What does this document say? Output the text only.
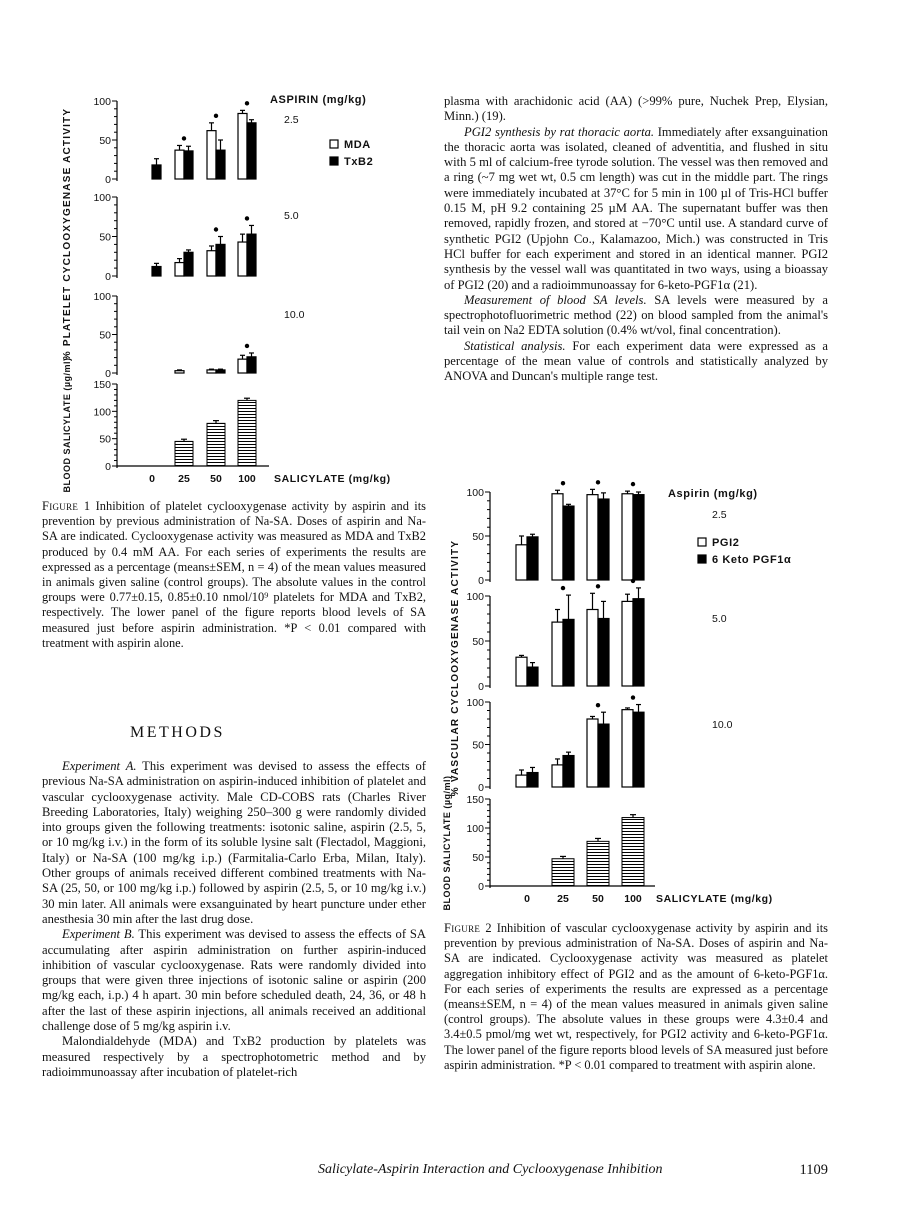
100
50
0
2.5
100
50
0
5.0
100
50
0
10.0
150
100
50
0
0 25 50 100 SALICYLATE (mg/kg)
% PLATELET CYCLOOXYGENASE ACTIVITY
BLOOD SALICYLATE (µg/ml)
ASPIRIN (mg/kg)
MDA
TxB2
100
50
0
2.5
100
50
0
5.0
100
50
0
10.0
150
100
50
0
0	25 50 100 SALICYLATE (mg/kg)
% VASCULAR CYCLOOXYGENASE ACTIVITY
BLOOD SALICYLATE (µg/ml)
Aspirin (mg/kg)
PGI2
6 Keto PGF1α
Figure 1 Inhibition of platelet cyclooxygenase activity by aspirin and its prevention by previous administration of Na-SA. Doses of aspirin and Na-SA are indicated. Cyclooxygenase activity was measured as MDA and TxB2 produced by 0.4 mM AA. For each series of experiments the results are expressed as a percentage (means±SEM, n = 4) of the mean values measured in animals given saline (control groups). The absolute values in the control groups were 0.77±0.15, 0.85±0.10 nmol/10⁹ platelets for MDA and TxB2, respectively. The lower panel of the figure reports blood levels of SA measured just before aspirin administration. *P < 0.01 compared with treatment with aspirin alone.
METHODS

Experiment A. This experiment was devised to assess the effects of previous Na-SA administration on aspirin-induced inhibition of platelet and vascular cyclooxygenase activity. Male CD-COBS rats (Charles River Breeding Laboratories, Italy) weighing 250–300 g were randomly divided into groups given the following treatments: isotonic saline, aspirin (2.5, 5, or 10 mg/kg i.v.) in the form of its soluble lysine salt (Flectadol, Maggioni, Italy) or Na-SA (100 mg/kg i.p.) (Farmitalia-Carlo Erba, Milan, Italy). Other groups of animals received different combined treatments with Na-SA (25, 50, or 100 mg/kg i.p.) followed by aspirin (2.5, 5, or 10 mg/kg i.v.) 30 min later. All animals were exsanguinated by heart puncture under ether anesthesia 30 min after the last drug dose.

Experiment B. This experiment was devised to assess the effects of SA accumulating after aspirin administration on further aspirin-induced inhibition of vascular cyclooxygenase. Rats were randomly divided into groups that were given three injections of isotonic saline or aspirin (200 mg/kg each, i.p.) 4 h apart. 30 min before scheduled death, 24, 36, or 48 h after the last of these aspirin injections, all animals received an additional challenge dose of 5 mg/kg aspirin i.v.

Malondialdehyde (MDA) and TxB2 production by platelets was measured respectively by a spectrophotometric method and by radioimmunoassay after incubation of platelet-rich

plasma with arachidonic acid (AA) (>99% pure, Nuchek Prep, Elysian, Minn.) (19).

PGI2 synthesis by rat thoracic aorta. Immediately after exsanguination the thoracic aorta was isolated, cleaned of adventitia, and flushed in situ with 5 ml of calcium-free tyrode solution. The vessel was then removed and a ring (~7 mg wet wt, 0.5 cm length) was cut in the middle part. The rings were immediately incubated at 37°C for 5 min in 100 µl of Tris-HCl buffer 0.15 M, pH 9.2 containing 25 µM AA. The supernatant buffer was then removed, rapidly frozen, and stored at −70°C until use. A standard curve of synthetic PGI2 (Upjohn Co., Kalamazoo, Mich.) was constructed in Tris HCl buffer for each experiment and stored in an identical manner. PGI2 synthesis by the vessel wall was quantitated in two ways, using a bioassay of PGI2 (20) and a radioimmunoassay for 6-keto-PGF1α (21).

Measurement of blood SA levels. SA levels were measured by a spectrophotofluorimetric method (22) on blood sampled from the animal's tail vein on Na2 EDTA solution (0.4% wt/vol, final concentration).

Statistical analysis. For each experiment data were expressed as a percentage of the mean value of controls and statistically analyzed by ANOVA and Duncan's multiple range test.

Figure 2 Inhibition of vascular cyclooxygenase activity by aspirin and its prevention by previous administration of Na-SA. Doses of aspirin and Na-SA are indicated. Cyclooxygenase activity was measured as platelet aggregation inhibitory effect of PGI2 and as the amount of 6-keto-PGF1α. For each series of experiments the results are expressed as a percentage (means±SEM, n = 4) of the mean values measured in animals given saline (control groups). The absolute values in these groups were 4.3±0.4 and 3.4±0.5 pmol/mg wet wt, respectively, for PGI2 activity and 6-keto-PGF1α. The lower panel of the figure reports blood levels of SA measured just before aspirin administration. *P < 0.01 compared to treatment with aspirin alone.
Salicylate-Aspirin Interaction and Cyclooxygenase Inhibition	1109
